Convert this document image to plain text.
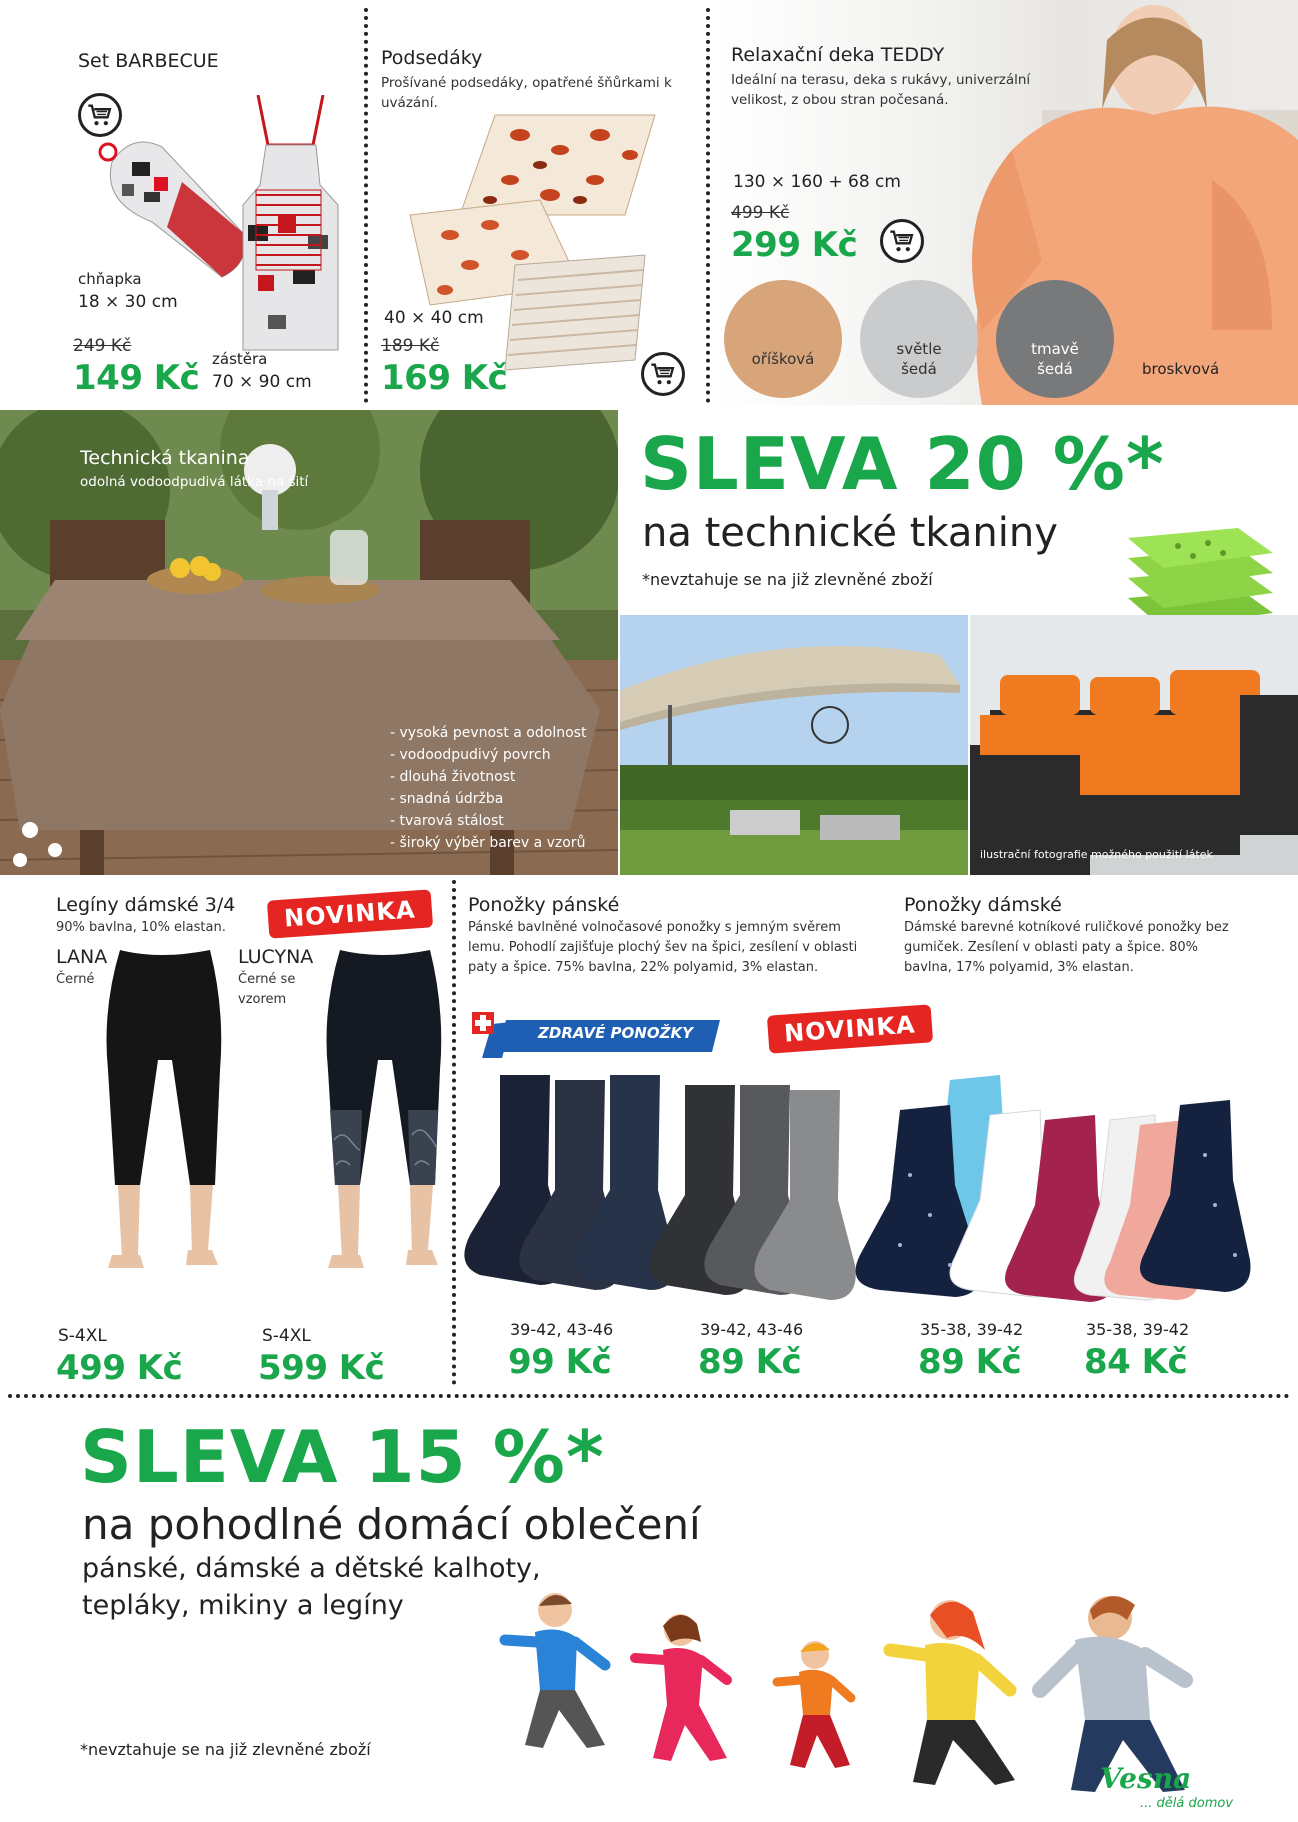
Set BARBECUE
chňapka
18 × 30 cm
249 Kč
149 Kč zástěra
70 × 90 cm
Podsedáky
Prošívané podsedáky, opatřené šňůrkami k uvázání.
40 × 40 cm
189 Kč
169 Kč
Relaxační deka TEDDY
Ideální na terasu, deka s rukávy, univerzální velikost, z obou stran počesaná.
130 × 160 + 68 cm
499 Kč
299 Kč
oříšková
světle šedá
tmavě šedá	broskvová
Technická tkanina
odolná vodoodpudivá látka na šití
- vysoká pevnost a odolnost
- vodoodpudivý povrch
- dlouhá životnost
- snadná údržba
- tvarová stálost
- široký výběr barev a vzorů
SLEVA 20 %*
na technické tkaniny
*nevztahuje se na již zlevněné zboží
ilustrační fotografie možného použití látek
Legíny dámské 3/4
90% bavlna, 10% elastan.	NOVINKA
LANA
Černé
S-4XL
499 Kč
LUCYNA
Černé se vzorem
S-4XL
599 Kč
Ponožky pánské
Pánské bavlněné volnočasové ponožky s jemným svěrem lemu. Pohodlí zajišťuje plochý šev na špici, zesílení v oblasti paty a špice. 75% bavlna, 22% polyamid, 3% elastan.
ZDRAVÉ PONOŽKY
39-42, 43-46
99 Kč
39-42, 43-46
89 Kč
Ponožky dámské
Dámské barevné kotníkové ruličkové ponožky bez gumiček. Zesílení v oblasti paty a špice. 80% bavlna, 17% polyamid, 3% elastan.
NOVINKA
35-38, 39-42
89 Kč
35-38, 39-42
84 Kč
SLEVA 15 %*
na pohodlné domácí oblečení
pánské, dámské a dětské kalhoty,
tepláky, mikiny a legíny
*nevztahuje se na již zlevněné zboží
Vesna
... dělá domov
